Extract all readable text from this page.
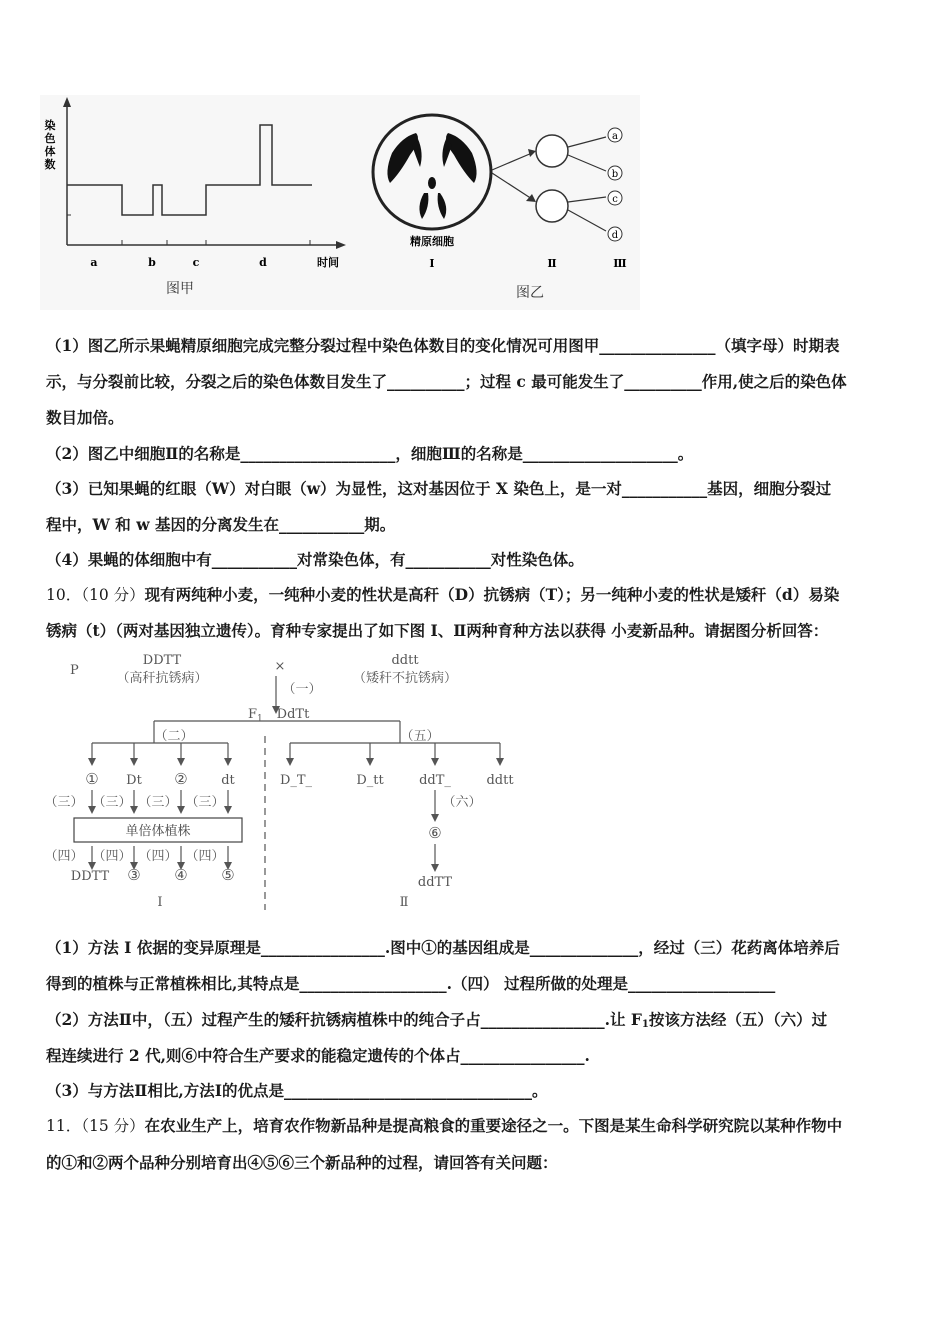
染
色
体
数
a	b	c	d	时间
图甲
精原细胞
a
b
c
d
Ⅰ	Ⅱ	Ⅲ
图乙
（1）图乙所示果蝇精原细胞完成完整分裂过程中染色体数目的变化情况可用图甲_______________（填字母）时期表
示，与分裂前比较，分裂之后的染色体数目发生了__________；过程 c 最可能发生了__________作用,使之后的染色体
数目加倍。
（2）图乙中细胞Ⅱ的名称是____________________，细胞Ⅲ的名称是____________________。
（3）已知果蝇的红眼（W）对白眼（w）为显性，这对基因位于 X 染色上，是一对___________基因，细胞分裂过
程中，W 和 w 基因的分离发生在___________期。
（4）果蝇的体细胞中有___________对常染色体，有___________对性染色体。
10．（10 分）现有两纯种小麦，一纯种小麦的性状是高秆（D）抗锈病（T）；另一纯种小麦的性状是矮秆（d）易染
锈病（t）（两对基因独立遗传）。育种专家提出了如下图 I、Ⅱ两种育种方法以获得 小麦新品种。请据图分析回答：
P
DDTT
（高秆抗锈病）
×	ddtt
（矮秆不抗锈病）
（一）
$F_1$ DdTt
（二）	（五）
① Dt ②	dt	D_T_	D_tt	ddT_	ddtt
（三） （三） （三） （三）
单倍体植株
（四） （四） （四） （四）
DDTT ③ ④ ⑤
（六）
⑥
ddTT
I	Ⅱ
（1）方法 I 依据的变异原理是________________.图中①的基因组成是______________，经过（三）花药离体培养后
得到的植株与正常植株相比,其特点是___________________.（四） 过程所做的处理是___________________
（2）方法Ⅱ中，（五）过程产生的矮秆抗锈病植株中的纯合子占________________.让 $F_1$按该方法经（五）（六）过
程连续进行 2 代,则⑥中符合生产要求的能稳定遗传的个体占________________.
（3）与方法Ⅱ相比,方法Ⅰ的优点是________________________________。
11．（15 分）在农业生产上，培育农作物新品种是提高粮食的重要途径之一。下图是某生命科学研究院以某种作物中
的①和②两个品种分别培育出④⑤⑥三个新品种的过程，请回答有关问题：
